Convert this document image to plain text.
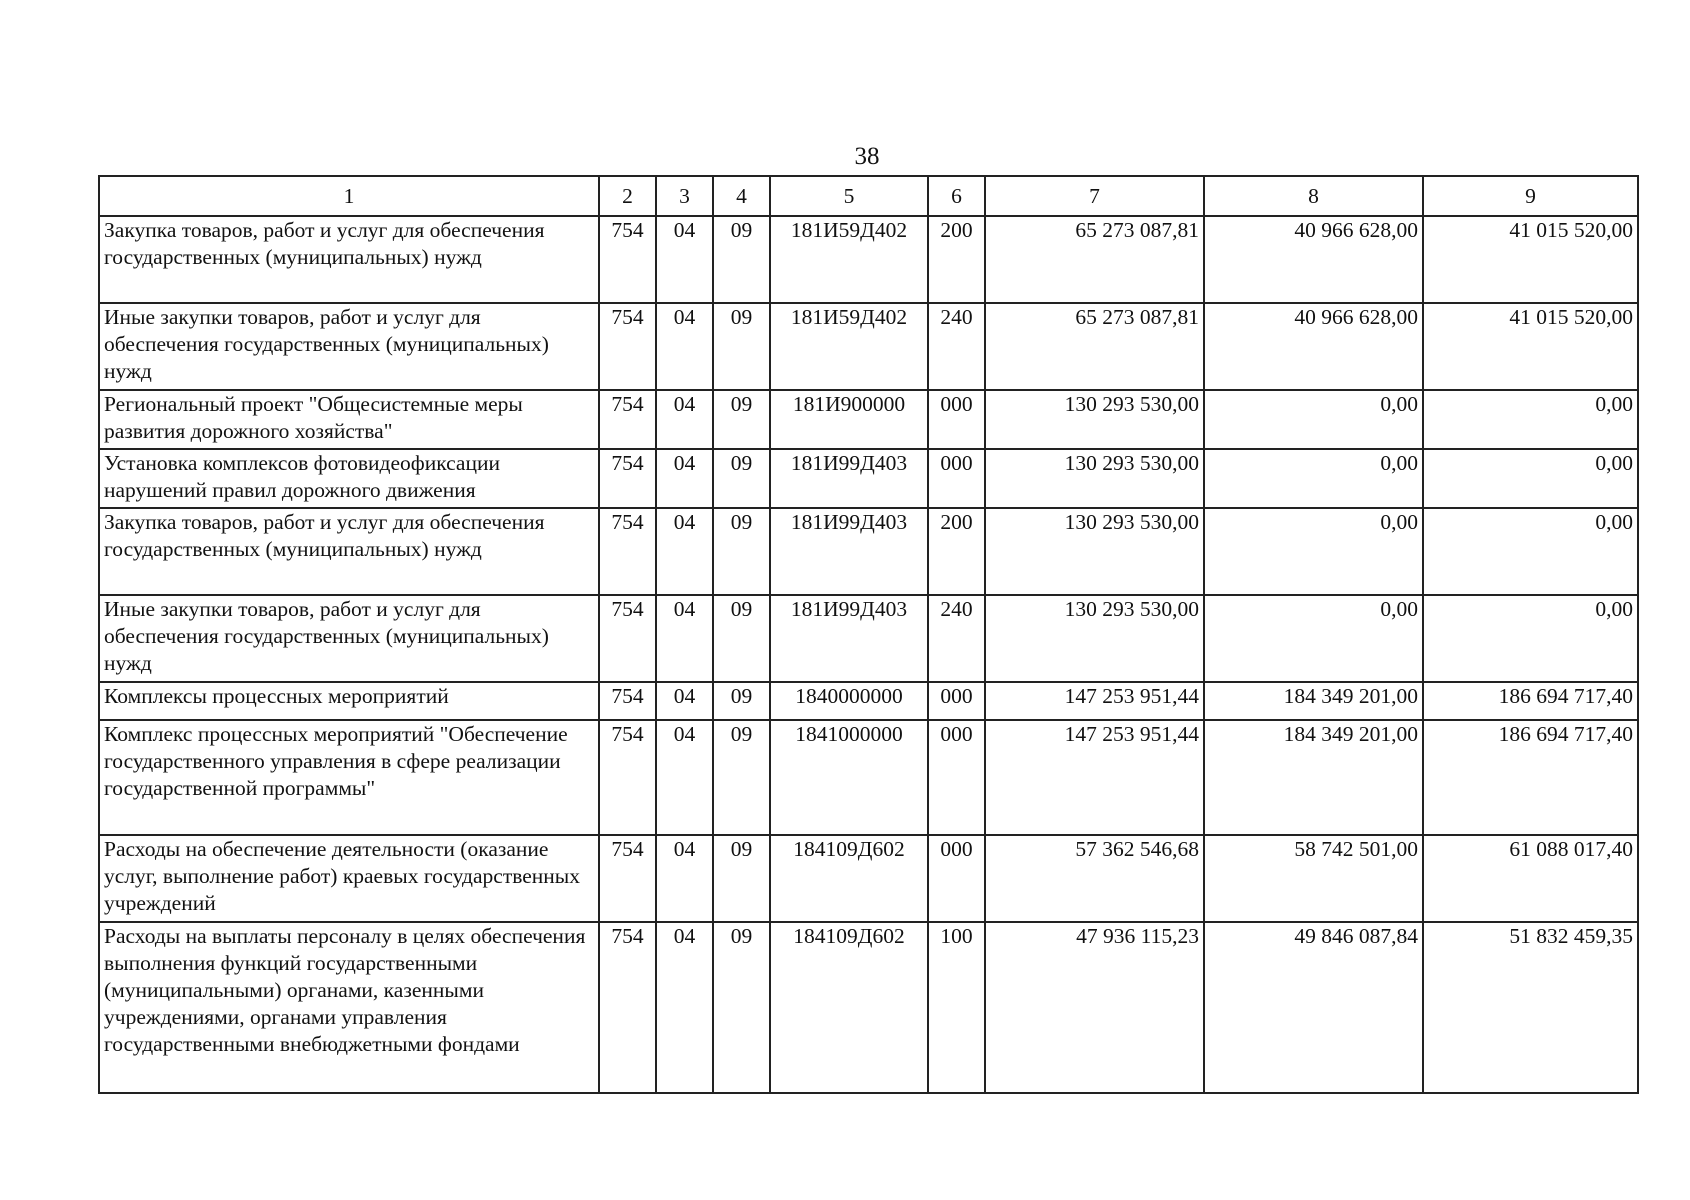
38
1	2	3	4	5	6	7	8	9
Закупка товаров, работ и услуг для обеспечения государственных (муниципальных) нужд	754	04	09	181И59Д402	200	65 273 087,81	40 966 628,00	41 015 520,00
Иные закупки товаров, работ и услуг для обеспечения государственных (муниципальных) нужд	754	04	09	181И59Д402	240	65 273 087,81	40 966 628,00	41 015 520,00
Региональный проект "Общесистемные меры развития дорожного хозяйства"	754	04	09	181И900000	000	130 293 530,00	0,00	0,00
Установка комплексов фотовидеофиксации нарушений правил дорожного движения	754	04	09	181И99Д403	000	130 293 530,00	0,00	0,00
Закупка товаров, работ и услуг для обеспечения государственных (муниципальных) нужд	754	04	09	181И99Д403	200	130 293 530,00	0,00	0,00
Иные закупки товаров, работ и услуг для обеспечения государственных (муниципальных) нужд	754	04	09	181И99Д403	240	130 293 530,00	0,00	0,00
Комплексы процессных мероприятий	754	04	09	1840000000	000	147 253 951,44	184 349 201,00	186 694 717,40
Комплекс процессных мероприятий "Обеспечение государственного управления в сфере реализации государственной программы"	754	04	09	1841000000	000	147 253 951,44	184 349 201,00	186 694 717,40
Расходы на обеспечение деятельности (оказание услуг, выполнение работ) краевых государственных учреждений	754	04	09	184109Д602	000	57 362 546,68	58 742 501,00	61 088 017,40
Расходы на выплаты персоналу в целях обеспечения выполнения функций государственными (муниципальными) органами, казенными учреждениями, органами управления государственными внебюджетными фондами	754	04	09	184109Д602	100	47 936 115,23	49 846 087,84	51 832 459,35
